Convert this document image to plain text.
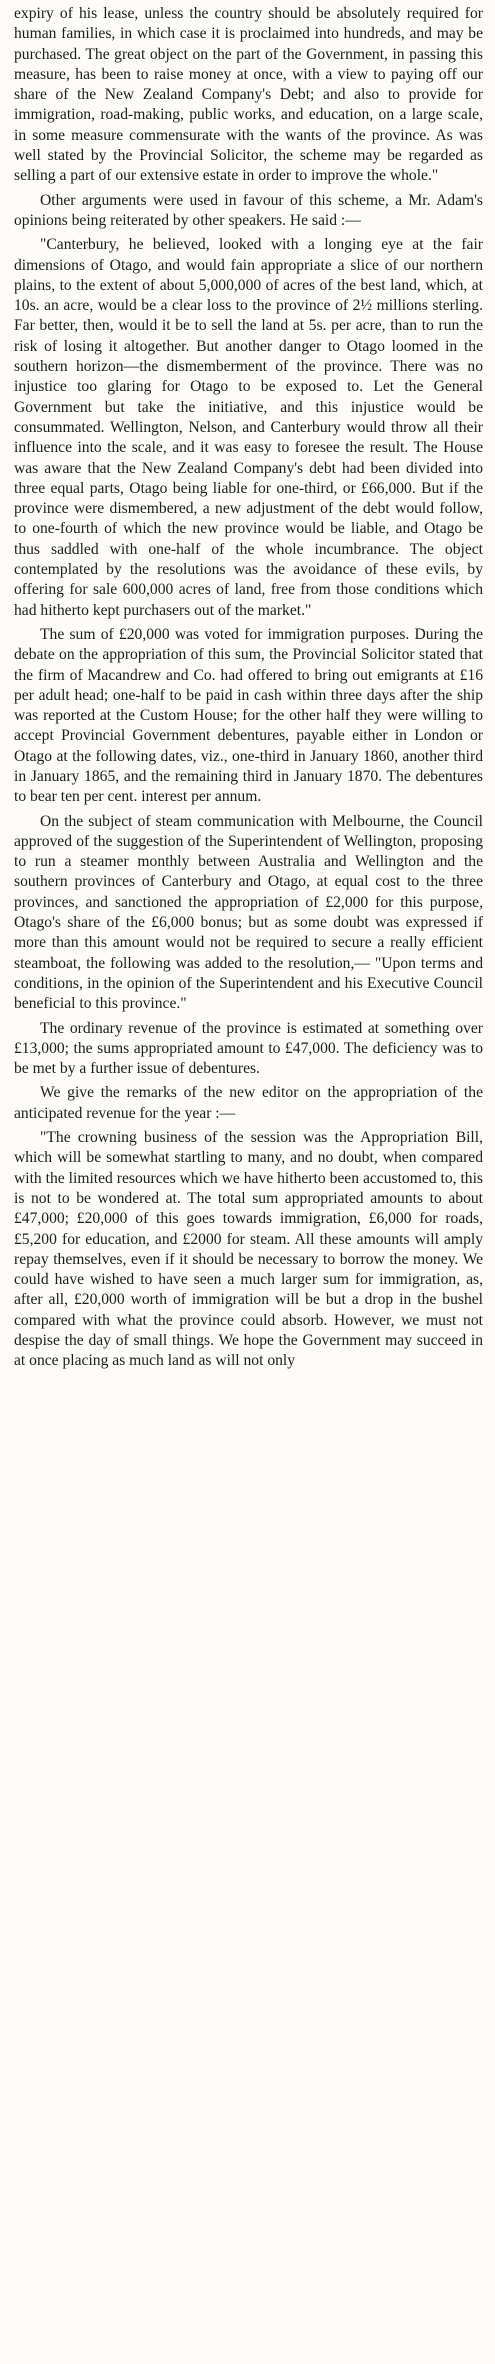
expiry of his lease, unless the country should be absolutely required for human families, in which case it is proclaimed into hundreds, and may be purchased. The great object on the part of the Government, in passing this measure, has been to raise money at once, with a view to paying off our share of the New Zealand Company's Debt; and also to provide for immigration, road-making, public works, and education, on a large scale, in some measure commensurate with the wants of the province. As was well stated by the Provincial Solicitor, the scheme may be regarded as selling a part of our extensive estate in order to improve the whole."

Other arguments were used in favour of this scheme, a Mr. Adam's opinions being reiterated by other speakers. He said :—

"Canterbury, he believed, looked with a longing eye at the fair dimensions of Otago, and would fain appropriate a slice of our northern plains, to the extent of about 5,000,000 of acres of the best land, which, at 10s. an acre, would be a clear loss to the province of 2½ millions sterling. Far better, then, would it be to sell the land at 5s. per acre, than to run the risk of losing it altogether. But another danger to Otago loomed in the southern horizon—the dismemberment of the province. There was no injustice too glaring for Otago to be exposed to. Let the General Government but take the initiative, and this injustice would be consummated. Wellington, Nelson, and Canterbury would throw all their influence into the scale, and it was easy to foresee the result. The House was aware that the New Zealand Company's debt had been divided into three equal parts, Otago being liable for one-third, or £66,000. But if the province were dismembered, a new adjustment of the debt would follow, to one-fourth of which the new province would be liable, and Otago be thus saddled with one-half of the whole incumbrance. The object contemplated by the resolutions was the avoidance of these evils, by offering for sale 600,000 acres of land, free from those conditions which had hitherto kept purchasers out of the market."

The sum of £20,000 was voted for immigration purposes. During the debate on the appropriation of this sum, the Provincial Solicitor stated that the firm of Macandrew and Co. had offered to bring out emigrants at £16 per adult head; one-half to be paid in cash within three days after the ship was reported at the Custom House; for the other half they were willing to accept Provincial Government debentures, payable either in London or Otago at the following dates, viz., one-third in January 1860, another third in January 1865, and the remaining third in January 1870. The debentures to bear ten per cent. interest per annum.

On the subject of steam communication with Melbourne, the Council approved of the suggestion of the Superintendent of Wellington, proposing to run a steamer monthly between Australia and Wellington and the southern provinces of Canterbury and Otago, at equal cost to the three provinces, and sanctioned the appropriation of £2,000 for this purpose, Otago's share of the £6,000 bonus; but as some doubt was expressed if more than this amount would not be required to secure a really efficient steamboat, the following was added to the resolution,— "Upon terms and conditions, in the opinion of the Superintendent and his Executive Council beneficial to this province."

The ordinary revenue of the province is estimated at something over £13,000; the sums appropriated amount to £47,000. The deficiency was to be met by a further issue of debentures.

We give the remarks of the new editor on the appropriation of the anticipated revenue for the year :—

"The crowning business of the session was the Appropriation Bill, which will be somewhat startling to many, and no doubt, when compared with the limited resources which we have hitherto been accustomed to, this is not to be wondered at. The total sum appropriated amounts to about £47,000; £20,000 of this goes towards immigration, £6,000 for roads, £5,200 for education, and £2000 for steam. All these amounts will amply repay themselves, even if it should be necessary to borrow the money. We could have wished to have seen a much larger sum for immigration, as, after all, £20,000 worth of immigration will be but a drop in the bushel compared with what the province could absorb. However, we must not despise the day of small things. We hope the Government may succeed in at once placing as much land as will not only
